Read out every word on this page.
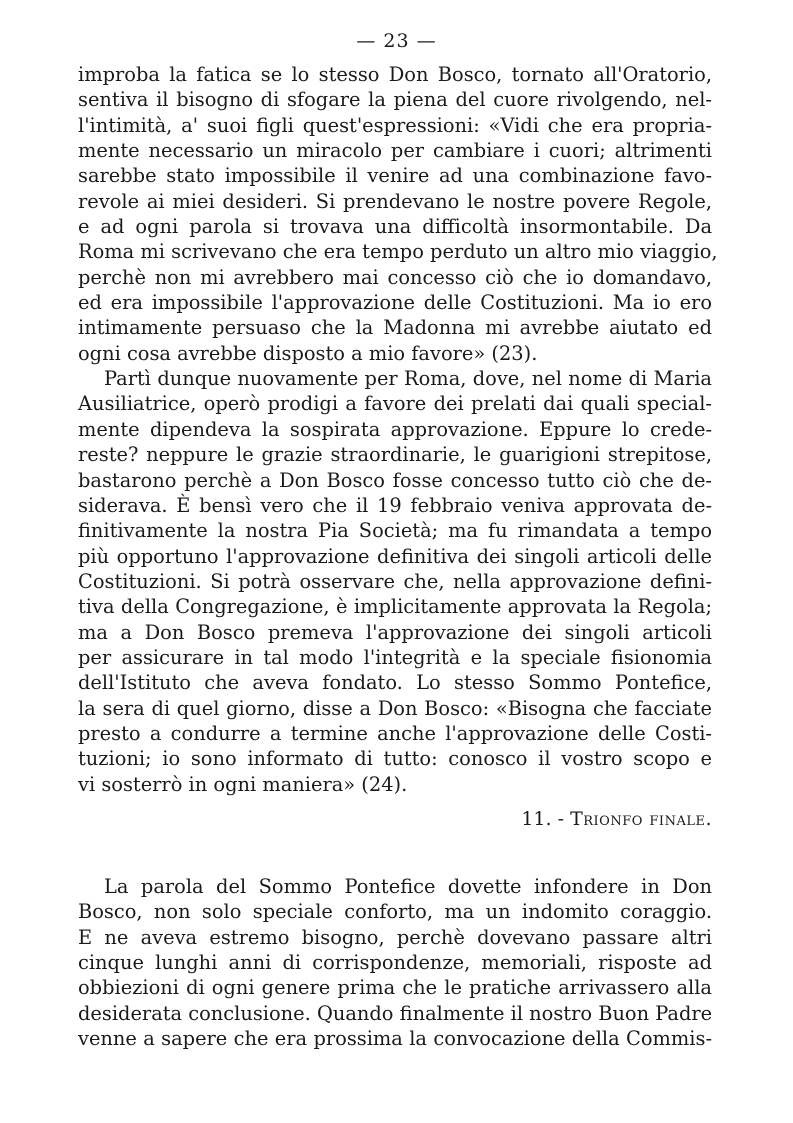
— 23 —
improba la fatica se lo stesso Don Bosco, tornato all'Oratorio,
sentiva il bisogno di sfogare la piena del cuore rivolgendo, nel-
l'intimità, a' suoi figli quest'espressioni: «Vidi che era propria-
mente necessario un miracolo per cambiare i cuori; altrimenti
sarebbe stato impossibile il venire ad una combinazione favo-
revole ai miei desideri. Si prendevano le nostre povere Regole,
e ad ogni parola si trovava una difficoltà insormontabile. Da
Roma mi scrivevano che era tempo perduto un altro mio viaggio,
perchè non mi avrebbero mai concesso ciò che io domandavo,
ed era impossibile l'approvazione delle Costituzioni. Ma io ero
intimamente persuaso che la Madonna mi avrebbe aiutato ed
ogni cosa avrebbe disposto a mio favore» (23).
Partì dunque nuovamente per Roma, dove, nel nome di Maria
Ausiliatrice, operò prodigi a favore dei prelati dai quali special-
mente dipendeva la sospirata approvazione. Eppure lo crede-
reste? neppure le grazie straordinarie, le guarigioni strepitose,
bastarono perchè a Don Bosco fosse concesso tutto ciò che de-
siderava. È bensì vero che il 19 febbraio veniva approvata de-
finitivamente la nostra Pia Società; ma fu rimandata a tempo
più opportuno l'approvazione definitiva dei singoli articoli delle
Costituzioni. Si potrà osservare che, nella approvazione defini-
tiva della Congregazione, è implicitamente approvata la Regola;
ma a Don Bosco premeva l'approvazione dei singoli articoli
per assicurare in tal modo l'integrità e la speciale fisionomia
dell'Istituto che aveva fondato. Lo stesso Sommo Pontefice,
la sera di quel giorno, disse a Don Bosco: «Bisogna che facciate
presto a condurre a termine anche l'approvazione delle Costi-
tuzioni; io sono informato di tutto: conosco il vostro scopo e
vi sosterrò in ogni maniera» (24).
11. - Trionfo finale.
La parola del Sommo Pontefice dovette infondere in Don
Bosco, non solo speciale conforto, ma un indomito coraggio.
E ne aveva estremo bisogno, perchè dovevano passare altri
cinque lunghi anni di corrispondenze, memoriali, risposte ad
obbiezioni di ogni genere prima che le pratiche arrivassero alla
desiderata conclusione. Quando finalmente il nostro Buon Padre
venne a sapere che era prossima la convocazione della Commis-
